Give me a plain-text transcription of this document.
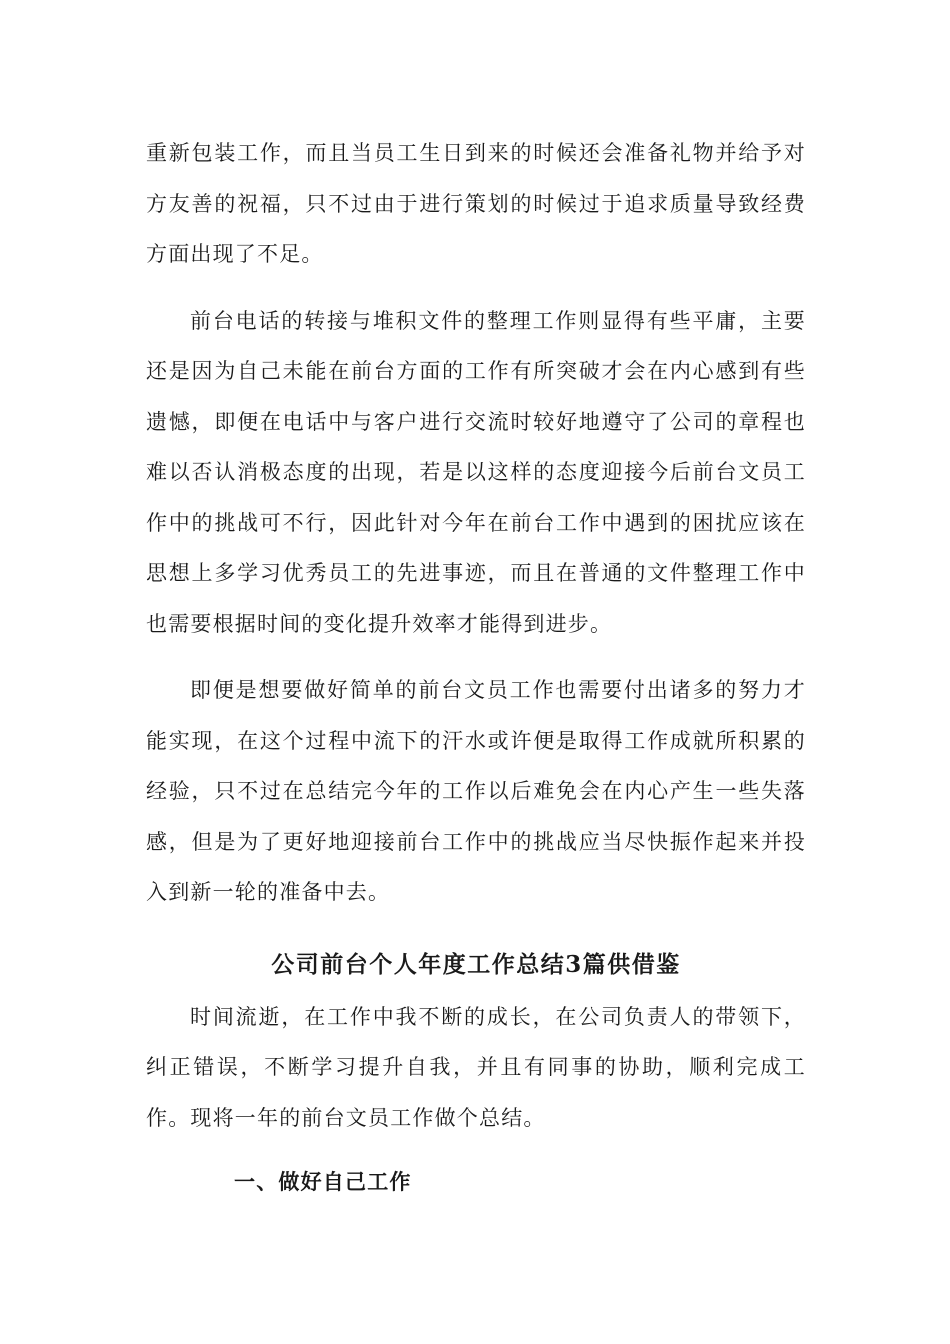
重新包装工作，而且当员工生日到来的时候还会准备礼物并给予对方友善的祝福，只不过由于进行策划的时候过于追求质量导致经费方面出现了不足。

前台电话的转接与堆积文件的整理工作则显得有些平庸，主要还是因为自己未能在前台方面的工作有所突破才会在内心感到有些遗憾，即便在电话中与客户进行交流时较好地遵守了公司的章程也难以否认消极态度的出现，若是以这样的态度迎接今后前台文员工作中的挑战可不行，因此针对今年在前台工作中遇到的困扰应该在思想上多学习优秀员工的先进事迹，而且在普通的文件整理工作中也需要根据时间的变化提升效率才能得到进步。

即便是想要做好简单的前台文员工作也需要付出诸多的努力才能实现，在这个过程中流下的汗水或许便是取得工作成就所积累的经验，只不过在总结完今年的工作以后难免会在内心产生一些失落感，但是为了更好地迎接前台工作中的挑战应当尽快振作起来并投入到新一轮的准备中去。

公司前台个人年度工作总结3篇供借鉴

时间流逝，在工作中我不断的成长，在公司负责人的带领下，纠正错误，不断学习提升自我，并且有同事的协助，顺利完成工作。现将一年的前台文员工作做个总结。

一、做好自己工作
